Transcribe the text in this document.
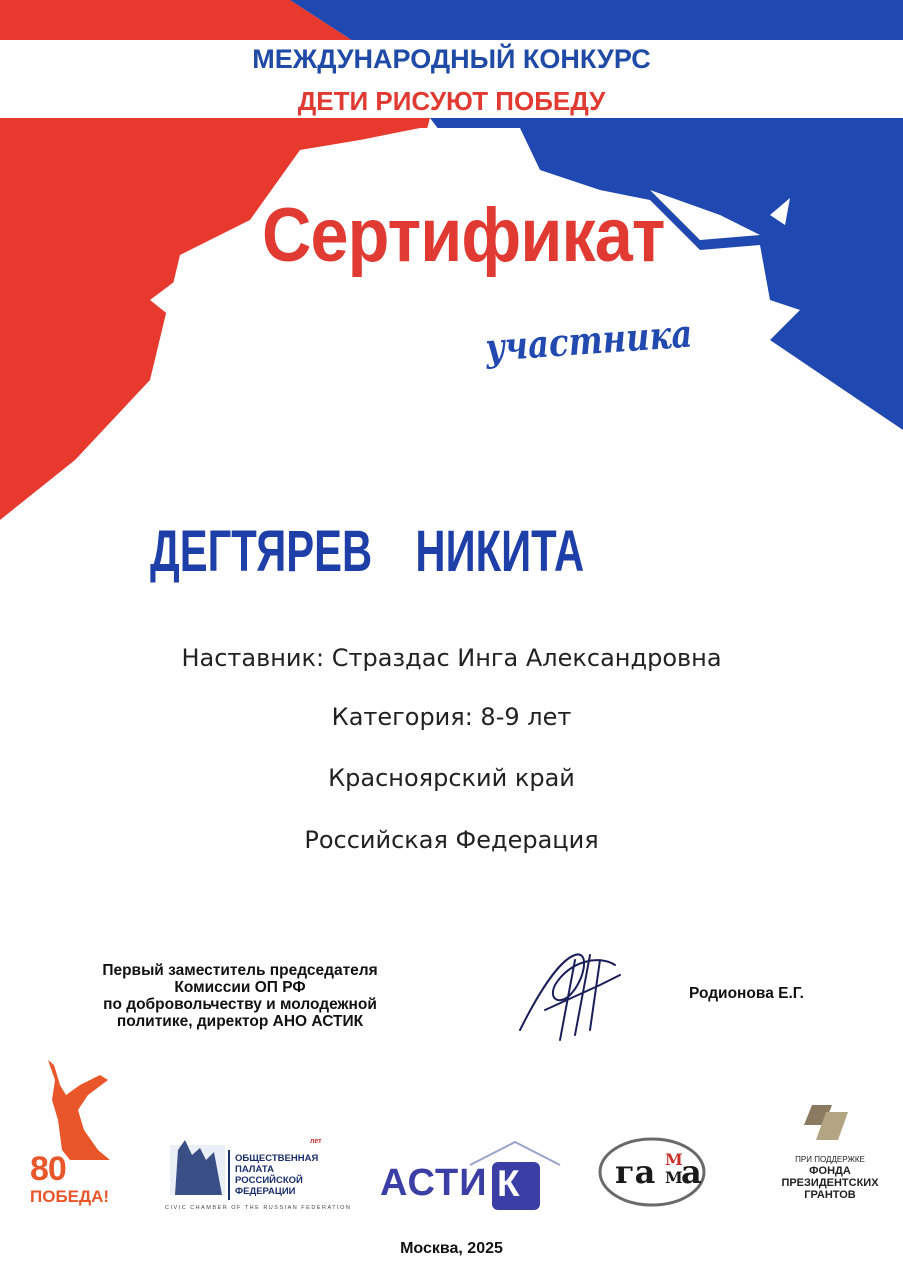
МЕЖДУНАРОДНЫЙ КОНКУРС
ДЕТИ РИСУЮТ ПОБЕДУ
Сертификат
участника
ДЕГТЯРЕВ НИКИТА
Наставник: Страздас Инга Александровна
Категория: 8-9 лет
Красноярский край
Российская Федерация
Первый заместитель председателя
Комиссии ОП РФ
по добровольчеству и молодежной
политике, директор АНО АСТИК
Родионова Е.Г.
80
ПОБЕДА!
лет
ОБЩЕСТВЕННАЯ
ПАЛАТА
РОССИЙСКОЙ
ФЕДЕРАЦИИ
CIVIC CHAMBER OF THE RUSSIAN FEDERATION
АСТИ К	га М
М
а	ПРИ ПОДДЕРЖКЕ
ФОНДА
ПРЕЗИДЕНТСКИХ
ГРАНТОВ
Москва, 2025
